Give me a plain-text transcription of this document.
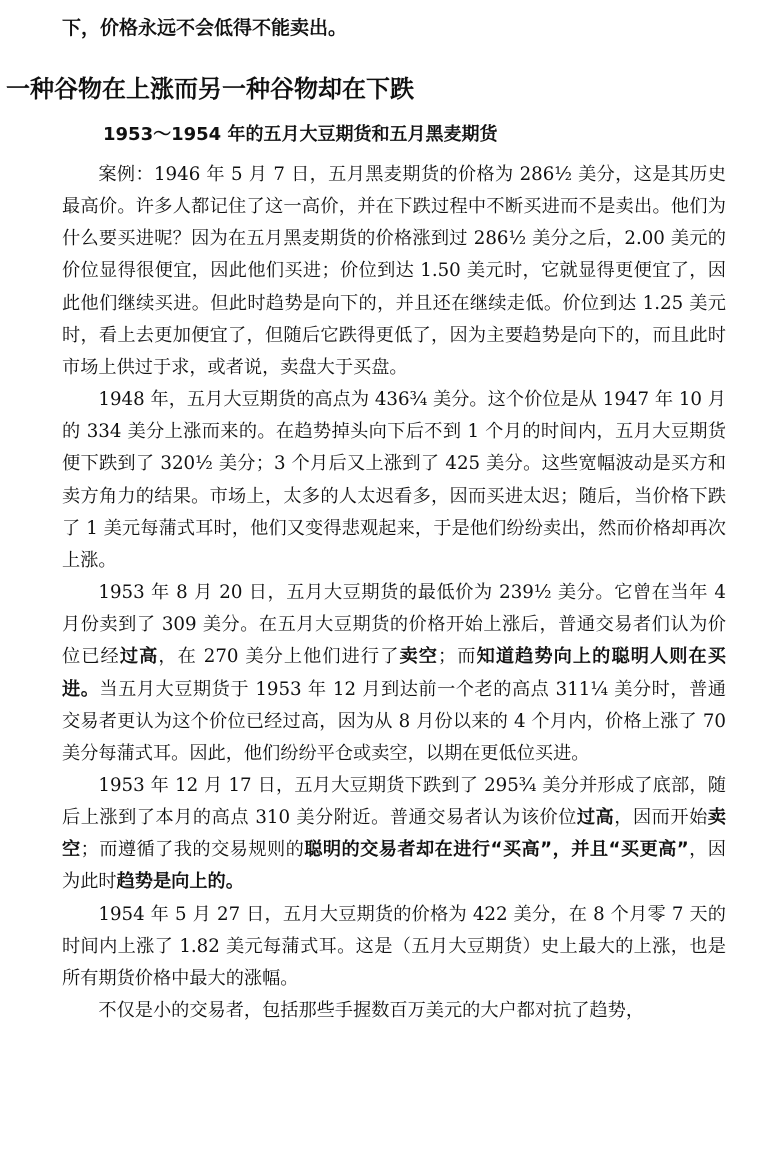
下，价格永远不会低得不能卖出。
一种谷物在上涨而另一种谷物却在下跌
1953～1954 年的五月大豆期货和五月黑麦期货

案例：1946 年 5 月 7 日，五月黑麦期货的价格为 286½ 美分，这是其历史最高价。许多人都记住了这一高价，并在下跌过程中不断买进而不是卖出。他们为什么要买进呢？因为在五月黑麦期货的价格涨到过 286½ 美分之后，2.00 美元的价位显得很便宜，因此他们买进；价位到达 1.50 美元时，它就显得更便宜了，因此他们继续买进。但此时趋势是向下的，并且还在继续走低。价位到达 1.25 美元时，看上去更加便宜了，但随后它跌得更低了，因为主要趋势是向下的，而且此时市场上供过于求，或者说，卖盘大于买盘。

1948 年，五月大豆期货的高点为 436¾ 美分。这个价位是从 1947 年 10 月的 334 美分上涨而来的。在趋势掉头向下后不到 1 个月的时间内，五月大豆期货便下跌到了 320½ 美分；3 个月后又上涨到了 425 美分。这些宽幅波动是买方和卖方角力的结果。市场上，太多的人太迟看多，因而买进太迟；随后，当价格下跌了 1 美元每蒲式耳时，他们又变得悲观起来，于是他们纷纷卖出，然而价格却再次上涨。

1953 年 8 月 20 日，五月大豆期货的最低价为 239½ 美分。它曾在当年 4 月份卖到了 309 美分。在五月大豆期货的价格开始上涨后，普通交易者们认为价位已经过高，在 270 美分上他们进行了卖空；而知道趋势向上的聪明人则在买进。当五月大豆期货于 1953 年 12 月到达前一个老的高点 311¼ 美分时，普通交易者更认为这个价位已经过高，因为从 8 月份以来的 4 个月内，价格上涨了 70 美分每蒲式耳。因此，他们纷纷平仓或卖空，以期在更低位买进。

1953 年 12 月 17 日，五月大豆期货下跌到了 295¾ 美分并形成了底部，随后上涨到了本月的高点 310 美分附近。普通交易者认为该价位过高，因而开始卖空；而遵循了我的交易规则的聪明的交易者却在进行“买高”，并且“买更高”，因为此时趋势是向上的。

1954 年 5 月 27 日，五月大豆期货的价格为 422 美分，在 8 个月零 7 天的时间内上涨了 1.82 美元每蒲式耳。这是（五月大豆期货）史上最大的上涨，也是所有期货价格中最大的涨幅。

不仅是小的交易者，包括那些手握数百万美元的大户都对抗了趋势，
